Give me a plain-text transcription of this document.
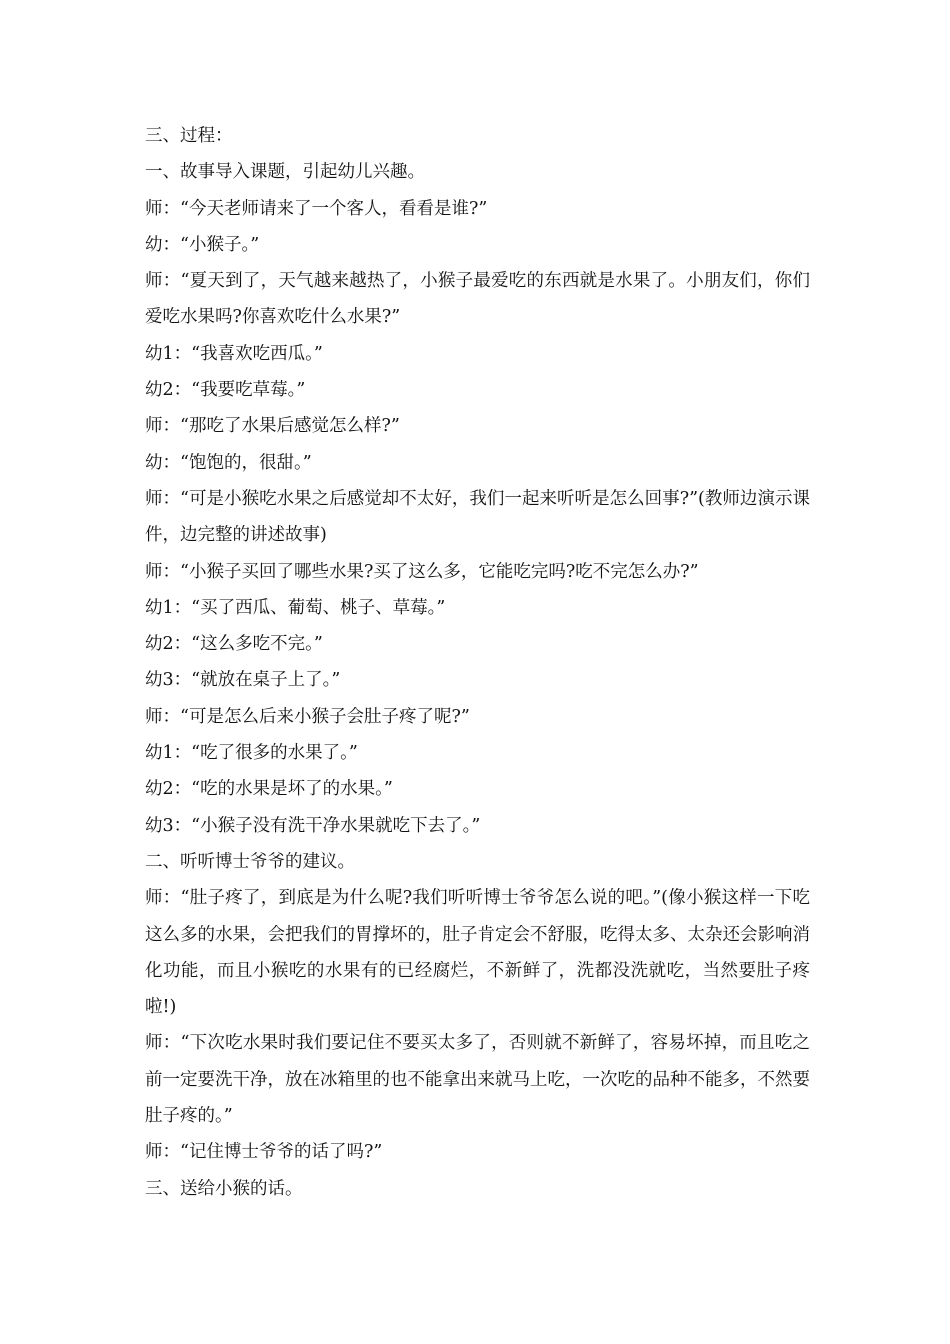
三、过程：

一、故事导入课题，引起幼儿兴趣。

师：“今天老师请来了一个客人，看看是谁?”

幼：“小猴子。”

师：“夏天到了，天气越来越热了，小猴子最爱吃的东西就是水果了。小朋友们，你们爱吃水果吗?你喜欢吃什么水果?”

幼1：“我喜欢吃西瓜。”

幼2：“我要吃草莓。”

师：“那吃了水果后感觉怎么样?”

幼：“饱饱的，很甜。”

师：“可是小猴吃水果之后感觉却不太好，我们一起来听听是怎么回事?”(教师边演示课件，边完整的讲述故事)

师：“小猴子买回了哪些水果?买了这么多，它能吃完吗?吃不完怎么办?”

幼1：“买了西瓜、葡萄、桃子、草莓。”

幼2：“这么多吃不完。”

幼3：“就放在桌子上了。”

师：“可是怎么后来小猴子会肚子疼了呢?”

幼1：“吃了很多的水果了。”

幼2：“吃的水果是坏了的水果。”

幼3：“小猴子没有洗干净水果就吃下去了。”

二、听听博士爷爷的建议。

师：“肚子疼了，到底是为什么呢?我们听听博士爷爷怎么说的吧。”(像小猴这样一下吃这么多的水果，会把我们的胃撑坏的，肚子肯定会不舒服，吃得太多、太杂还会影响消化功能，而且小猴吃的水果有的已经腐烂，不新鲜了，洗都没洗就吃，当然要肚子疼啦!)

师：“下次吃水果时我们要记住不要买太多了，否则就不新鲜了，容易坏掉，而且吃之前一定要洗干净，放在冰箱里的也不能拿出来就马上吃，一次吃的品种不能多，不然要肚子疼的。”

师：“记住博士爷爷的话了吗?”

三、送给小猴的话。
